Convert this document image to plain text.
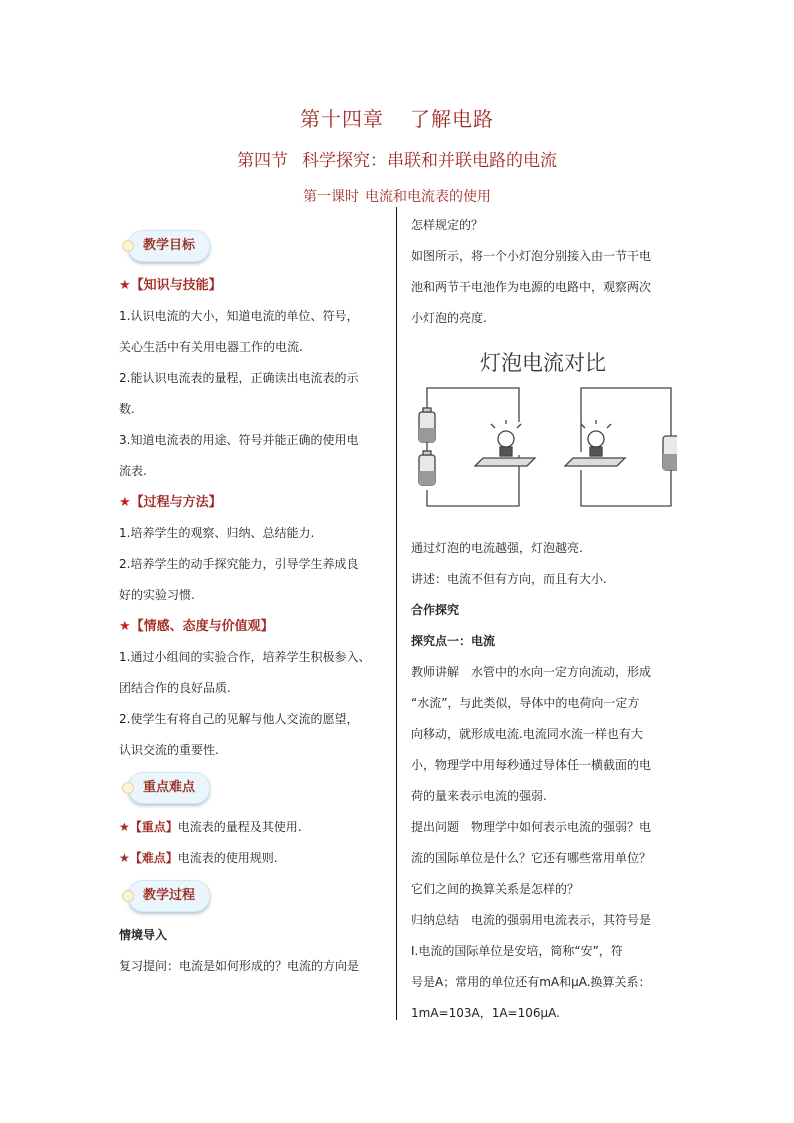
第十四章 了解电路
第四节 科学探究：串联和并联电路的电流
第一课时 电流和电流表的使用
教学目标

★【知识与技能】

1.认识电流的大小，知道电流的单位、符号，

关心生活中有关用电器工作的电流.

2.能认识电流表的量程，正确读出电流表的示

数.

3.知道电流表的用途、符号并能正确的使用电

流表.

★【过程与方法】

1.培养学生的观察、归纳、总结能力.

2.培养学生的动手探究能力，引导学生养成良

好的实验习惯.

★【情感、态度与价值观】

1.通过小组间的实验合作，培养学生积极参入、

团结合作的良好品质.

2.使学生有将自己的见解与他人交流的愿望，

认识交流的重要性.

重点难点

★【重点】电流表的量程及其使用.

★【难点】电流表的使用规则.

教学过程

情境导入

复习提问：电流是如何形成的？电流的方向是

怎样规定的？

如图所示，将一个小灯泡分别接入由一节干电

池和两节干电池作为电源的电路中，观察两次

小灯泡的亮度.

灯泡电流对比

通过灯泡的电流越强，灯泡越亮.

讲述：电流不但有方向，而且有大小.

合作探究

探究点一：电流

教师讲解　水管中的水向一定方向流动，形成

“水流”，与此类似，导体中的电荷向一定方

向移动，就形成电流.电流同水流一样也有大

小，物理学中用每秒通过导体任一横截面的电

荷的量来表示电流的强弱.

提出问题　物理学中如何表示电流的强弱？电

流的国际单位是什么？它还有哪些常用单位？

它们之间的换算关系是怎样的？

归纳总结　电流的强弱用电流表示，其符号是

I.电流的国际单位是安培，简称“安”，符

号是A；常用的单位还有mA和μA.换算关系：

1mA=103A，1A=106μA.
